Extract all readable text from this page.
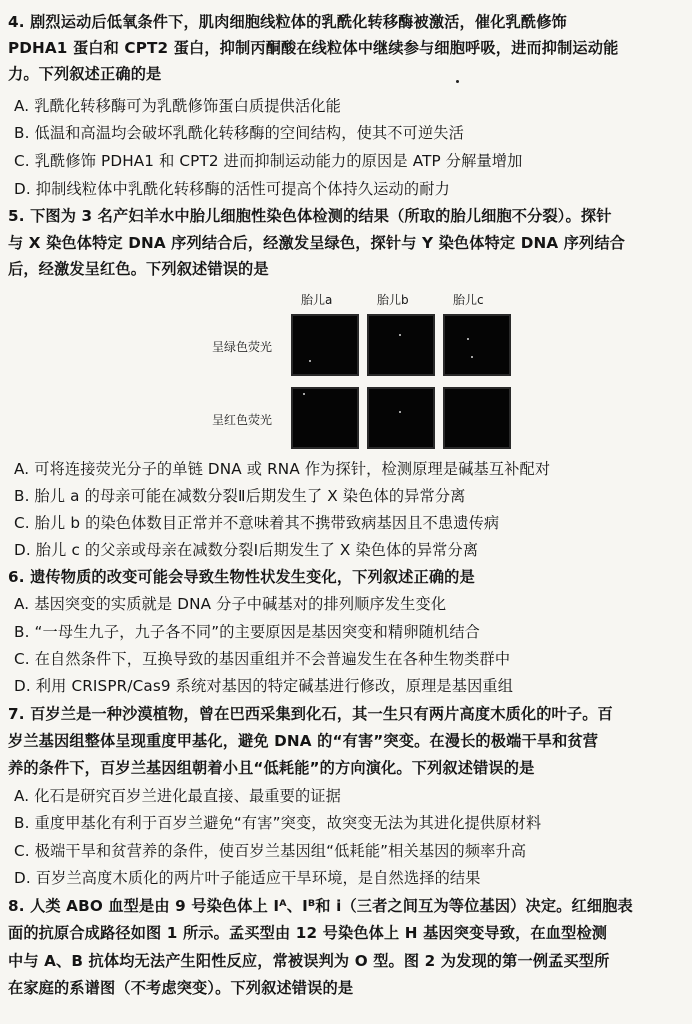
4. 剧烈运动后低氧条件下，肌肉细胞线粒体的乳酰化转移酶被激活，催化乳酰修饰
PDHA1 蛋白和 CPT2 蛋白，抑制丙酮酸在线粒体中继续参与细胞呼吸，进而抑制运动能
力。下列叙述正确的是
A. 乳酰化转移酶可为乳酰修饰蛋白质提供活化能
B. 低温和高温均会破坏乳酰化转移酶的空间结构，使其不可逆失活
C. 乳酰修饰 PDHA1 和 CPT2 进而抑制运动能力的原因是 ATP 分解量增加
D. 抑制线粒体中乳酰化转移酶的活性可提高个体持久运动的耐力
5. 下图为 3 名产妇羊水中胎儿细胞性染色体检测的结果（所取的胎儿细胞不分裂）。探针
与 X 染色体特定 DNA 序列结合后，经激发呈绿色，探针与 Y 染色体特定 DNA 序列结合
后，经激发呈红色。下列叙述错误的是
胎儿a	胎儿b	胎儿c
呈绿色荧光
呈红色荧光
A. 可将连接荧光分子的单链 DNA 或 RNA 作为探针，检测原理是碱基互补配对
B. 胎儿 a 的母亲可能在减数分裂Ⅱ后期发生了 X 染色体的异常分离
C. 胎儿 b 的染色体数目正常并不意味着其不携带致病基因且不患遗传病
D. 胎儿 c 的父亲或母亲在减数分裂Ⅰ后期发生了 X 染色体的异常分离
6. 遗传物质的改变可能会导致生物性状发生变化，下列叙述正确的是
A. 基因突变的实质就是 DNA 分子中碱基对的排列顺序发生变化
B. “一母生九子，九子各不同”的主要原因是基因突变和精卵随机结合
C. 在自然条件下，互换导致的基因重组并不会普遍发生在各种生物类群中
D. 利用 CRISPR/Cas9 系统对基因的特定碱基进行修改，原理是基因重组
7. 百岁兰是一种沙漠植物，曾在巴西采集到化石，其一生只有两片高度木质化的叶子。百
岁兰基因组整体呈现重度甲基化，避免 DNA 的“有害”突变。在漫长的极端干旱和贫营
养的条件下，百岁兰基因组朝着小且“低耗能”的方向演化。下列叙述错误的是
A. 化石是研究百岁兰进化最直接、最重要的证据
B. 重度甲基化有利于百岁兰避免“有害”突变，故突变无法为其进化提供原材料
C. 极端干旱和贫营养的条件，使百岁兰基因组“低耗能”相关基因的频率升高
D. 百岁兰高度木质化的两片叶子能适应干旱环境，是自然选择的结果
8. 人类 ABO 血型是由 9 号染色体上 Iᴬ、Iᴮ和 i（三者之间互为等位基因）决定。红细胞表
面的抗原合成路径如图 1 所示。孟买型由 12 号染色体上 H 基因突变导致，在血型检测
中与 A、B 抗体均无法产生阳性反应，常被误判为 O 型。图 2 为发现的第一例孟买型所
在家庭的系谱图（不考虑突变）。下列叙述错误的是
